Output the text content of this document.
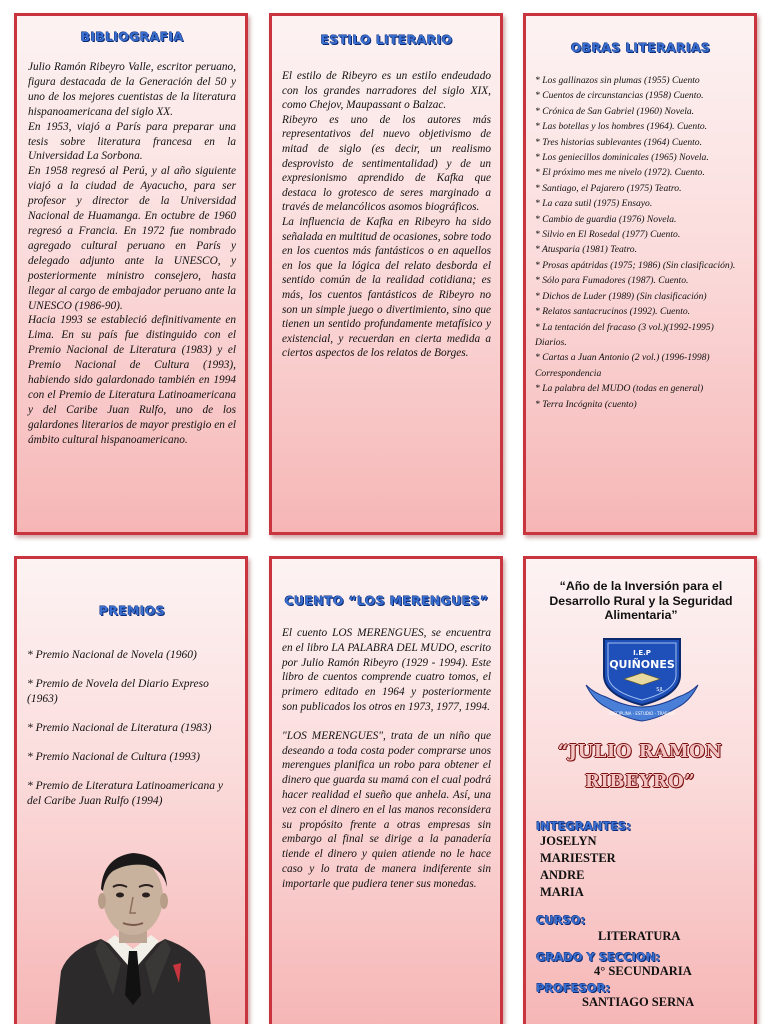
BIBLIOGRAFIA

Julio Ramón Ribeyro Valle, escritor peruano, figura destacada de la Generación del 50 y uno de los mejores cuentistas de la literatura hispanoamericana del siglo XX.

En 1953, viajó a París para preparar una tesis sobre literatura francesa en la Universidad La Sorbona.

En 1958 regresó al Perú, y al año siguiente viajó a la ciudad de Ayacucho, para ser profesor y director de la Universidad Nacional de Huamanga. En octubre de 1960 regresó a Francia. En 1972 fue nombrado agregado cultural peruano en París y delegado adjunto ante la UNESCO, y posteriormente ministro consejero, hasta llegar al cargo de embajador peruano ante la UNESCO (1986-90).

Hacia 1993 se estableció definitivamente en Lima. En su país fue distinguido con el Premio Nacional de Literatura (1983) y el Premio Nacional de Cultura (1993), habiendo sido galardonado también en 1994 con el Premio de Literatura Latinoamericana y del Caribe Juan Rulfo, uno de los galardones literarios de mayor prestigio en el ámbito cultural hispanoamericano.

ESTILO LITERARIO

El estilo de Ribeyro es un estilo endeudado con los grandes narradores del siglo XIX, como Chejov, Maupassant o Balzac.

Ribeyro es uno de los autores más representativos del nuevo objetivismo de mitad de siglo (es decir, un realismo desprovisto de sentimentalidad) y de un expresionismo aprendido de Kafka que destaca lo grotesco de seres marginado a través de melancólicos asomos biográficos.

La influencia de Kafka en Ribeyro ha sido señalada en multitud de ocasiones, sobre todo en los cuentos más fantásticos o en aquellos en los que la lógica del relato desborda el sentido común de la realidad cotidiana; es más, los cuentos fantásticos de Ribeyro no son un simple juego o divertimiento, sino que tienen un sentido profundamente metafísico y existencial, y recuerdan en cierta medida a ciertos aspectos de los relatos de Borges.

OBRAS LITERARIAS
* Los gallinazos sin plumas (1955) Cuento
* Cuentos de circunstancias (1958) Cuento.
* Crónica de San Gabriel (1960) Novela.
* Las botellas y los hombres (1964). Cuento.
* Tres historias sublevantes (1964) Cuento.
* Los geniecillos dominicales (1965) Novela.
* El próximo mes me nivelo (1972). Cuento.
* Santiago, el Pajarero (1975) Teatro.
* La caza sutil (1975) Ensayo.
* Cambio de guardia (1976) Novela.
* Silvio en El Rosedal (1977) Cuento.
* Atusparia (1981) Teatro.
* Prosas apátridas (1975; 1986) (Sin clasificación).
* Sólo para Fumadores (1987). Cuento.
* Dichos de Luder (1989) (Sin clasificación)
* Relatos santacrucinos (1992). Cuento.
* La tentación del fracaso (3 vol.)(1992-1995) Diarios.
* Cartas a Juan Antonio (2 vol.) (1996-1998) Correspondencia
* La palabra del MUDO (todas en general)
* Terra Incógnita (cuento)
PREMIOS
* Premio Nacional de Novela (1960)
* Premio de Novela del Diario Expreso (1963)
* Premio Nacional de Literatura (1983)
* Premio Nacional de Cultura (1993)
* Premio de Literatura Latinoamericana y del Caribe Juan Rulfo (1994)
CUENTO “LOS MERENGUES”

El cuento LOS MERENGUES, se encuentra en el libro LA PALABRA DEL MUDO, escrito por Julio Ramón Ribeyro (1929 - 1994). Este libro de cuentos comprende cuatro tomos, el primero editado en 1964 y posteriormente son publicados los otros en 1973, 1977, 1994.

"LOS MERENGUES", trata de un niño que deseando a toda costa poder comprarse unos merengues planifica un robo para obtener el dinero que guarda su mamá con el cual podrá hacer realidad el sueño que anhela. Así, una vez con el dinero en el las manos reconsidera su propósito frente a otras empresas sin embargo al final se dirige a la panadería tiende el dinero y quien atiende no le hace caso y lo trata de manera indiferente sin importarle que pudiera tener sus monedas.

“Año de la Inversión para el Desarrollo Rural y la Seguridad Alimentaria”
I.E.P
QUIÑONES
SJL
DISCIPLINA - ESTUDIO - TRABAJO
“JULIO RAMON
RIBEYRO”

INTEGRANTES:

JOSELYN

MARIESTER

ANDRE

MARIA

CURSO:

LITERATURA

GRADO Y SECCION:

4° SECUNDARIA

PROFESOR:

SANTIAGO SERNA
